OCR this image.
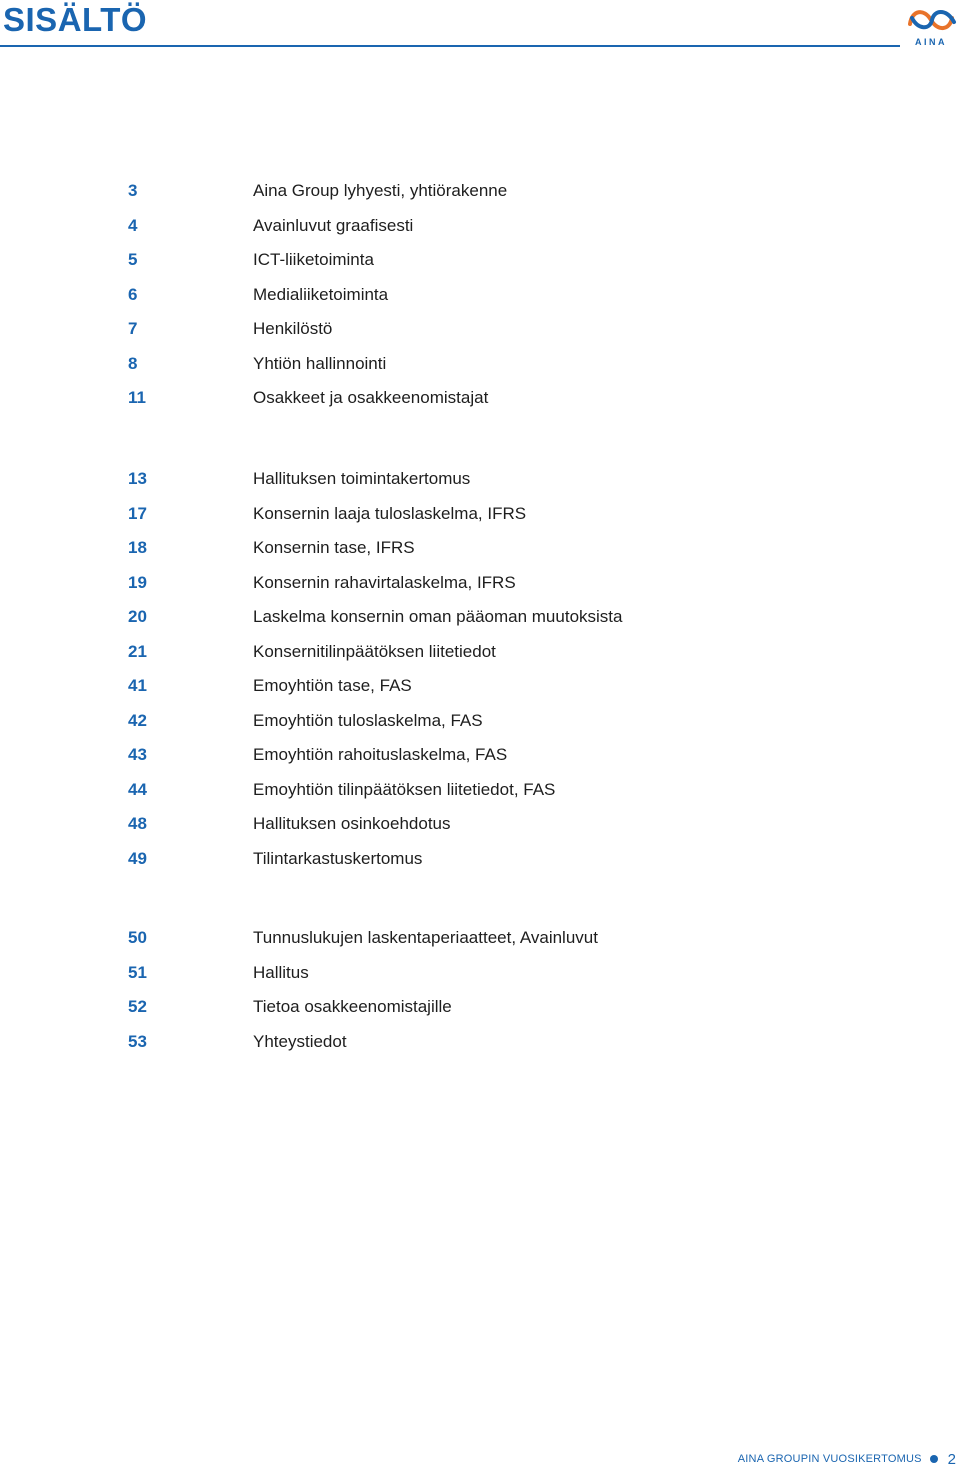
SISÄLTÖ
AINA
3	Aina Group lyhyesti, yhtiörakenne
4	Avainluvut graafisesti
5	ICT-liiketoiminta
6	Medialiiketoiminta
7	Henkilöstö
8	Yhtiön hallinnointi
11	Osakkeet ja osakkeenomistajat
13	Hallituksen toimintakertomus
17	Konsernin laaja tuloslaskelma, IFRS
18	Konsernin tase, IFRS
19	Konsernin rahavirtalaskelma, IFRS
20	Laskelma konsernin oman pääoman muutoksista
21	Konsernitilinpäätöksen liitetiedot
41	Emoyhtiön tase, FAS
42	Emoyhtiön tuloslaskelma, FAS
43	Emoyhtiön rahoituslaskelma, FAS
44	Emoyhtiön tilinpäätöksen liitetiedot, FAS
48	Hallituksen osinkoehdotus
49	Tilintarkastuskertomus
50	Tunnuslukujen laskentaperiaatteet, Avainluvut
51	Hallitus
52	Tietoa osakkeenomistajille
53	Yhteystiedot
AINA GROUPIN VUOSIKERTOMUS 2
